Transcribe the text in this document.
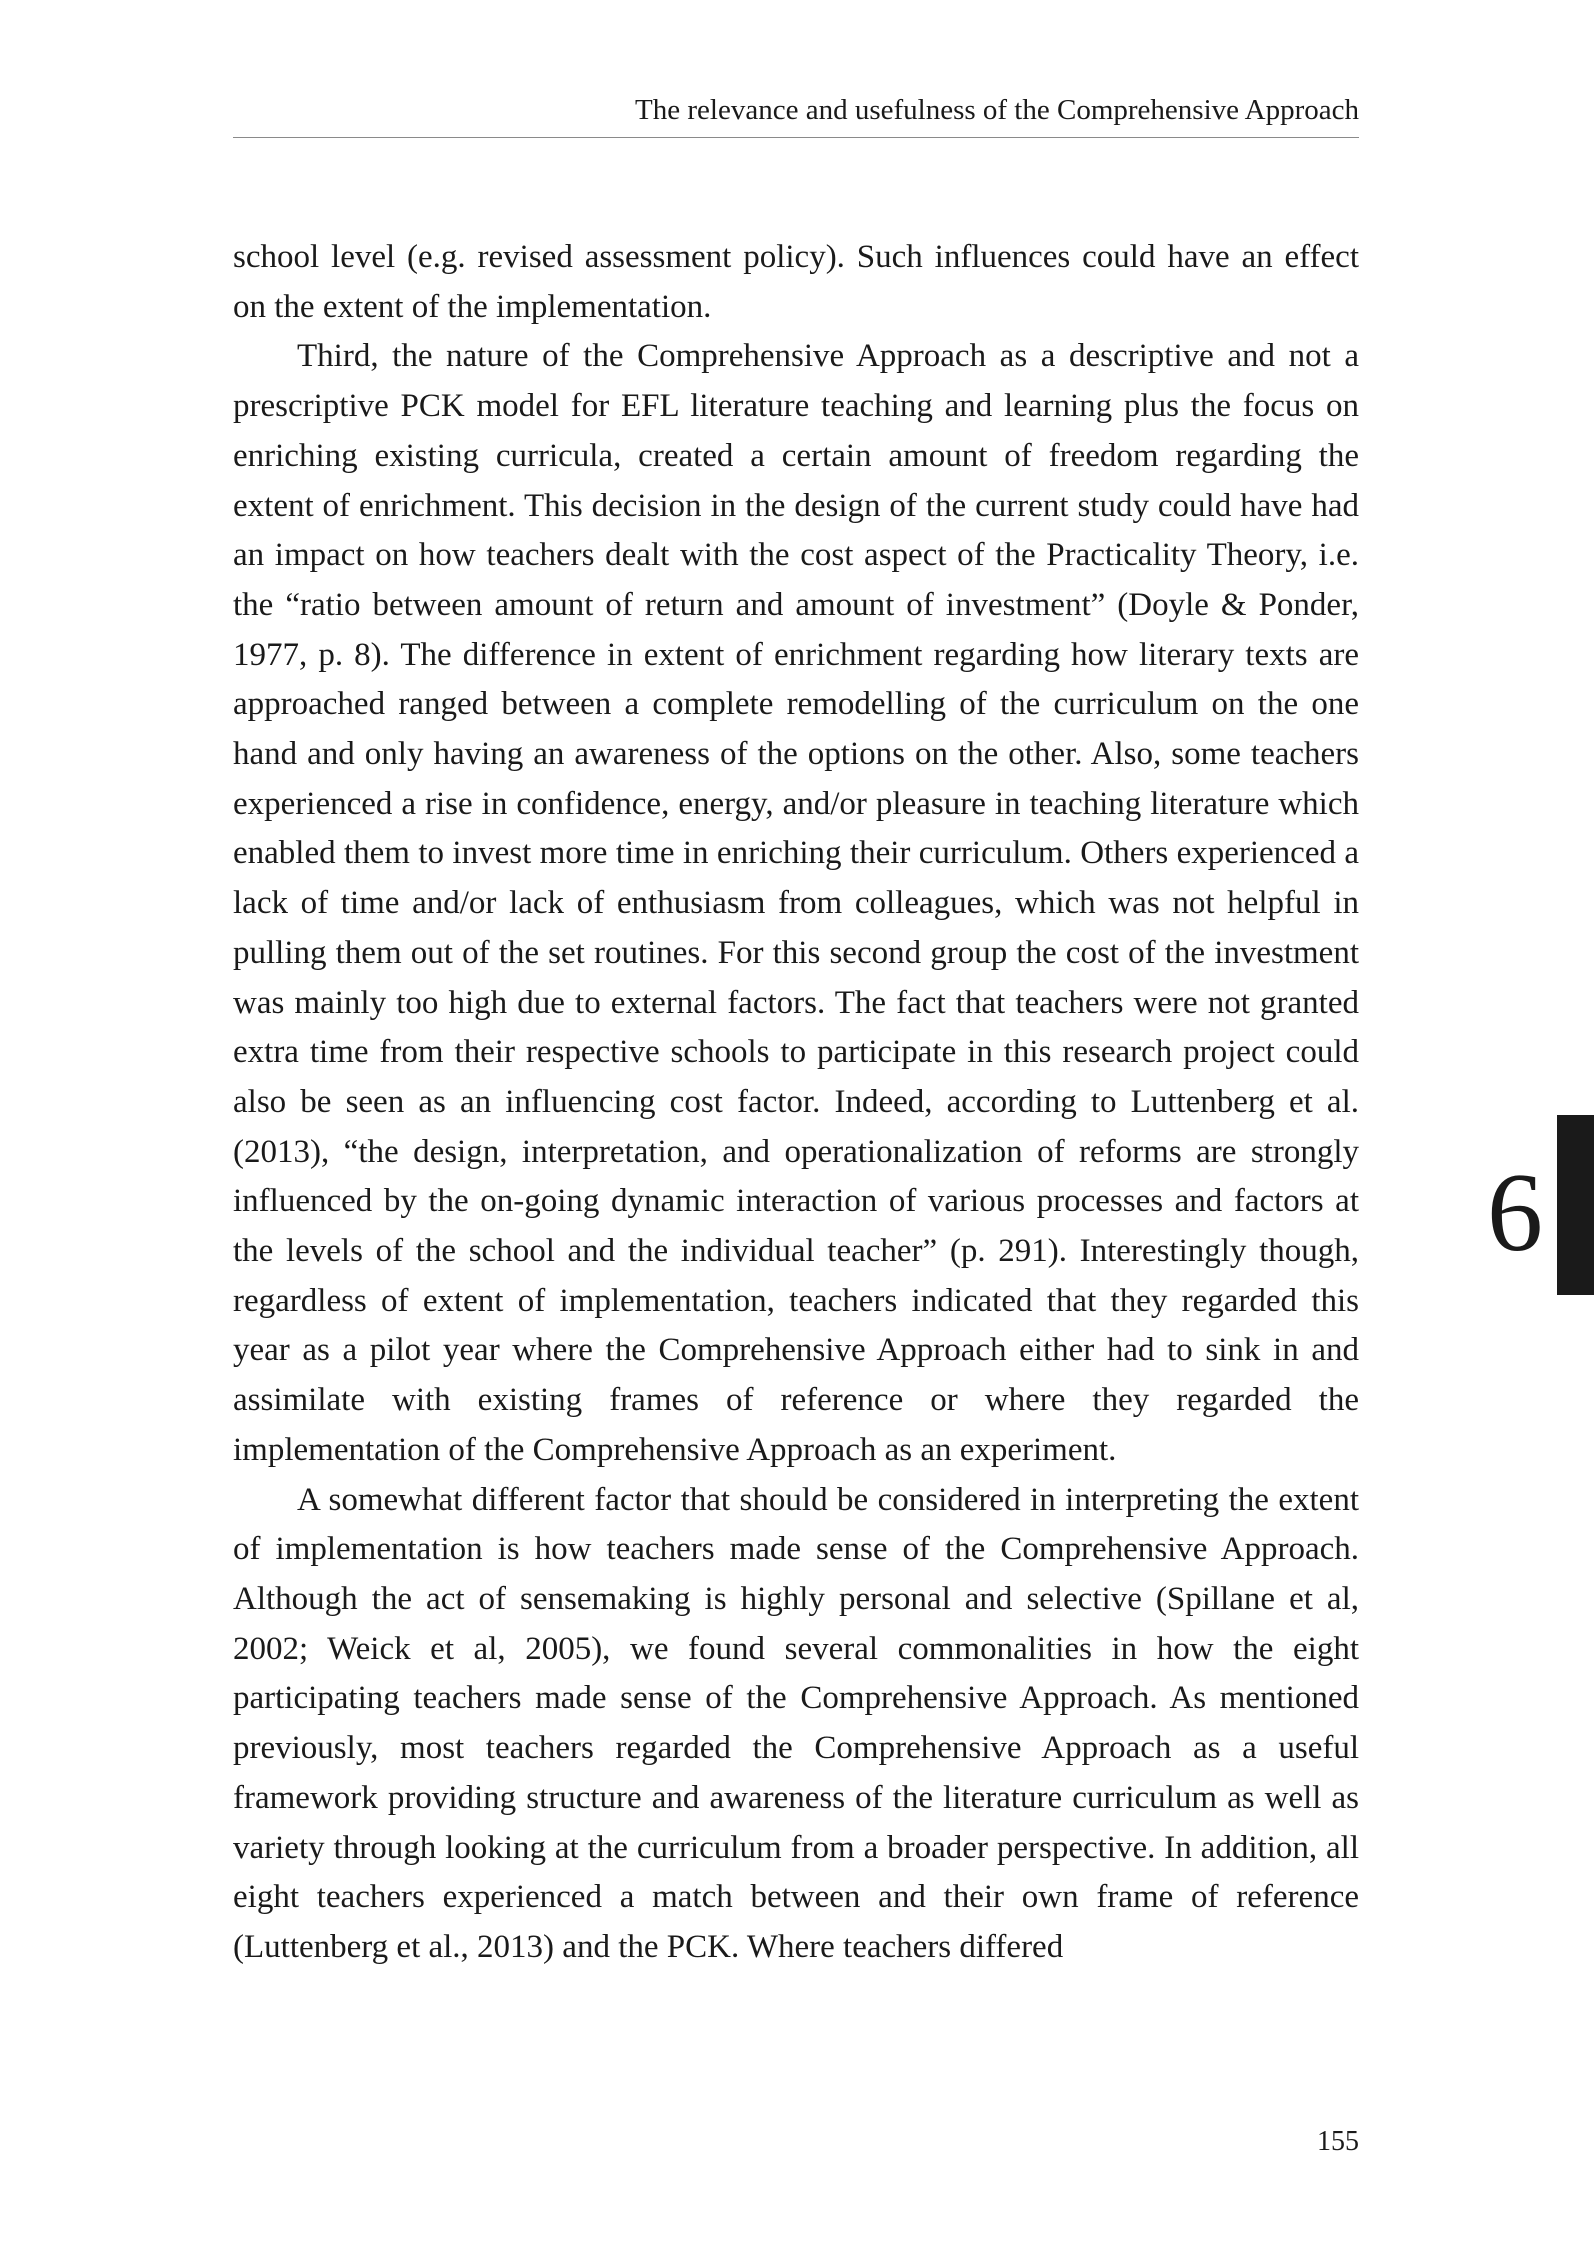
The relevance and usefulness of the Comprehensive Approach

school level (e.g. revised assessment policy). Such influences could have an effect on the extent of the implementation.

Third, the nature of the Comprehensive Approach as a descriptive and not a prescriptive PCK model for EFL literature teaching and learning plus the focus on enriching existing curricula, created a certain amount of freedom regarding the extent of enrichment. This decision in the design of the current study could have had an impact on how teachers dealt with the cost aspect of the Practicality Theory, i.e. the “ratio between amount of return and amount of investment” (Doyle & Ponder, 1977, p. 8). The difference in extent of enrichment regarding how literary texts are approached ranged between a complete remodelling of the curriculum on the one hand and only having an awareness of the options on the other. Also, some teachers experienced a rise in confidence, energy, and/or pleasure in teaching literature which enabled them to invest more time in enriching their curriculum. Others experienced a lack of time and/or lack of enthusiasm from colleagues, which was not helpful in pulling them out of the set routines. For this second group the cost of the investment was mainly too high due to external factors. The fact that teachers were not granted extra time from their respective schools to participate in this research project could also be seen as an influencing cost factor. Indeed, according to Luttenberg et al. (2013), “the design, interpretation, and operationalization of reforms are strongly influenced by the on-going dynamic interaction of various processes and factors at the levels of the school and the individual teacher” (p. 291). Interestingly though, regardless of extent of implementation, teachers indicated that they regarded this year as a pilot year where the Comprehensive Approach either had to sink in and assimilate with existing frames of reference or where they regarded the implementation of the Comprehensive Approach as an experiment.

A somewhat different factor that should be considered in interpreting the extent of implementation is how teachers made sense of the Comprehensive Approach. Although the act of sensemaking is highly personal and selective (Spillane et al, 2002; Weick et al, 2005), we found several commonalities in how the eight participating teachers made sense of the Comprehensive Approach. As mentioned previously, most teachers regarded the Comprehensive Approach as a useful framework providing structure and awareness of the literature curriculum as well as variety through looking at the curriculum from a broader perspective. In addition, all eight teachers experienced a match between and their own frame of reference (Luttenberg et al., 2013) and the PCK. Where teachers differed

6
155
